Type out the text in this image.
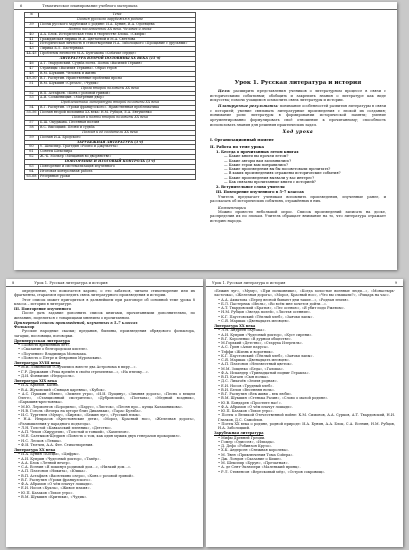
6	Тематическое планирование учебного материала
№	Тема
Поэзия русского зарубежья в родине	
39	Поэзы русского зарубежья о родине: И.А. Бунин, И.А. Одоевцева
Поэты послевоенной XX века. Человек и эпоха	
40	А.А. Блок. Историческая тема в творчестве Блока. «Скифы»
41	Гражданская лирика М.И. Цветаевой и М.А. Светлова
42	Историческая личность в стихотворении Н.А. Заболоцкого «Прощание с друзьями»
43	Лирика Б.Л. Пастернака
44–45	Проблемы личности М.А. Булгакова «Собачье сердце»
ЛИТЕРАТУРА ВТОРОЙ ПОЛОВИНЫ XX ВЕКА (15 ч)	
46	А.Т. Твардовский. Судьба поэта. Поэма «Василий Тёркин»
47	Страницы «Василия Тёркина». Образ героя
48	В.М. Шукшин. Человек и жизнь
49–50	В.Г. Распутин. Нравственные проблемы прозы
51	В.М. Шукшин «Срезал», «Чудик»
Проза второй половины XX века	
52	В.П. Астафьев. «Конь с розовой гривой»
53	А.И. Солженицын. «Матрёнин двор»
Проблематика литературы второй половины XX века	
54	В.Г. Распутин. «Уроки французского». Нравственная проблематика
55–56	Поэзия второй половины XX века: Н.М. Рубцов, Е.А. Евтушенко
Поэзия и поэты второй половины XX века	
57	Б.Ш. Окуджава. Песенная поэзия
58	В.С. Высоцкий. Песни и судьба
Поэзия и её создатели XX века	
59	Поэзия И.А. Бродского
ЗАРУБЕЖНАЯ ЛИТЕРАТУРА (3 ч)	
60	У. Шекспир. Трагедия «Ромео и Джульетта»
61	Сонеты Шекспира
62	Ж.-Б. Мольер «Мещанин во дворянстве»
ПОВТОРЕНИЕ И ИТОГОВЫЙ КОНТРОЛЬ (3 ч)	
63	Повторение и систематизация изученного
64	Итоговая контрольная работа
65–68	Резервные уроки
Урок 1. Русская литература и история

Цели: расширить представления учеников о литературном процессе в связи с историческими событиями; обобщить и закрепить знания о литературе как виде искусства; помочь учащимся осмыслить связь литературы и истории.

Планируемые результаты: понимание особенностей развития литературы в связи с историей; умение связывать литературные произведения с эпохой их создания; понимание роли литературы в формировании исторической памяти; умение аргументированно формулировать своё отношение к прочитанному; способность использовать знания для решения практических задач.

Ход урока
I. Организационный момент
II. Работа по теме урока
1. Беседа о прочитанных летом книгах
— Какие книги вы прочли летом?
— Какие авторы вам запомнились?
— Какие герои вам понравились?
— Какие произведения вы бы посоветовали прочитать?
— В каких произведениях отражены исторические события?
— Какие произведения вызвали у вас интерес?
— Как связаны прочитанные книги с историей?
2. Вступительное слово учителя
III. Повторение изученного в 5–7 классах

Учитель предлагает ученикам вспомнить произведения, изученные ранее, и рассказать об исторических событиях, отражённых в них.

Комментарии

Можно провести небольшой опрос. Список произведений записать на доске, распределив их по эпохам. Учитель обращает внимание на то, что литература отражает историю народа.

8	Урок 1. Русская литература и история

определение, что помогается кароно, о ето забаться, читаем стихотворение или их фрагменты, стараемся проследить связь литературного произведения и истории.

Этот список может пригодиться в дальнейшем при разговоре об основной теме урока 8 класса – истории в литературе.

III. Повторение изученного

После дать задание дополнить список книгами, прочитанными дополнительно, по желанию, поделиться с товарищами мнением о прочитанном.

Примерный список произведений, изученных в 5–7 классах

Фольклор

Русские народные сказки; предания, былины, произведения обрядового фольклора, загадки, пословицы, поговорки.

Древнерусская литература

• «Повесть временных лет».

• «Сказание о белгородском киселе».

• «Поучение» Владимира Мономаха.

• «Повесть о Петре и Февронии Муромских».

Литература XVIII века

• М.В. Ломоносов «Случились вместе два Астронома в пиру…».

• Г.Р. Державин «Река времён в своём стремленьи…», «На птичку…».

• Д.И. Фонвизин «Недоросль».

Литература XIX века

• И.А. Крылов. Басни.

• В.А. Жуковский «Спящая царевна», «Кубок».

• А.С. Пушкин «Няне», «Зимнее утро», «И.И. Пущину», «Зимняя дорога», «Песнь о вещем Олеге», «Станционный смотритель», «Дубровский», «Полтава», «Медный всадник», «Барышня-крестьянка».

• М.Ю. Лермонтов «Бородино», «Парус», «Листок», «Песня про… купца Калашникова».

• Н.В. Гоголь «Вечера на хуторе близ Диканьки», «Тарас Бульба».

• И.С. Тургенев «Муму», «Бирюк», «Бежин луг», «Русский язык».

• Н.А. Некрасов «Крестьянские дети», «Мороз, Красный нос», «Железная дорога», «Размышления у парадного подъезда».

• Л.Н. Толстой «Кавказский пленник», «Детство».

• А.П. Чехов «Хирургия», «Толстый и тонкий», «Хамелеон».

• М.Е. Салтыков-Щедрин «Повесть о том, как один мужик двух генералов прокормил».

• Н.С. Лесков «Левша».

• Ф.И. Тютчев, А.А. Фет. Стихотворения.

Литература XX века

• И.А. Бунин «Косцы», «Цифры».

• А.И. Куприн «Чудесный доктор», «Тапёр».

• А.А. Блок «Летний вечер».

• С.А. Есенин «Я покинул родимый дом…», «Низкий дом…».

• А.П. Платонов «Никита», «Юшка».

• В.П. Астафьев «Васюткино озеро», «Конь с розовой гривой».

• В.Г. Распутин «Уроки французского».

• Ф.А. Абрамов «О чём плачут лошади».

• Е.И. Носов «Кукла», «Живое пламя».

• Ю.П. Казаков «Тихое утро».

• В.М. Шукшин «Критики», «Чудик».

Урок 1. Русская литература и история	9

«Бежин луг», «Муму», «При полковнике», «Когда холостые военные люди…», «Монастырь-ласточка», «Железная дорога», «Мороз, Красный нос», «Что вы слышали?», «Рыцарь на час».

• А.А. Ахматова «Перед весной бывают дни такие…», «Родная земля».

• Б.Л. Пастернак «Июль», «Во всём мне хочется дойти…».

• А.Т. Твардовский «Братья», «Лес осенью», «Я убит подо Ржевом».

• Н.М. Рубцов «Звезда полей», «Листья осенние».

• К.Г. Паустовский «Тёплый хлеб», «Заячьи лапы».

• С.Я. Маршак «Двенадцать месяцев».

Литература XX века

• Л.Н. Андреев «Кусака».

• А.И. Куприн «Чудесный доктор», «Куст сирени».

• В.Г. Короленко «В дурном обществе».

• М.Горький «Детство», «Старуха Изергиль».

• А.С. Грин «Алые паруса».

• Тэффи «Жизнь и воротник».

• К.Г. Паустовский «Тёплый хлеб», «Заячьи лапы».

• С.Я. Маршак «Двенадцать месяцев».

• А.П. Платонов «Неизвестный цветок».

• М.М. Зощенко «Беда», «Галоша».

• Ф.А. Искандер «Тринадцатый подвиг Геракла».

• В.П. Катаев «Сын полка».

• Д.С. Лихачёв «Земля родная».

• Е.И. Носов «Трудный хлеб».

• В.И. Белов «Весенняя ночь».

• В.Г. Распутин «Век живи – век люби».

• В.М. Шукшин «Стенька Разин», «Слово о малой родине».

• Ю.В. Бондарев «Простите нас!».

• Ф.А. Абрамов «О чём плачут лошади».

• Ю.П. Казаков «Тихое утро».

• Поэты о Великой Отечественной войне: К.М. Симонов, А.А. Сурков, А.Т. Твардовский, Н.И. Глазков, Д.С. Самойлов.

• Поэты XX века о родине, родной природе: И.А. Бунин, А.А. Блок, С.А. Есенин, Н.М. Рубцов, Н.А. Заболоцкий.

Зарубежная литература

• Мифы Древней Греции.

• Гомер «Одиссея», «Илиада».

• Д. Дефо «Робинзон Крузо».

• Х.К. Андерсен «Снежная королева».

• М. Твен «Приключения Тома Сойера».

• Дж. Лондон «Сказание о Кише».

• М. Шекспир «Бурун», «Пречатная».

• А. де Сент-Экзюпери «Маленький принц».

• Р.Л. Стивенсон «Вересковый мёд», «Остров сокровищ».
